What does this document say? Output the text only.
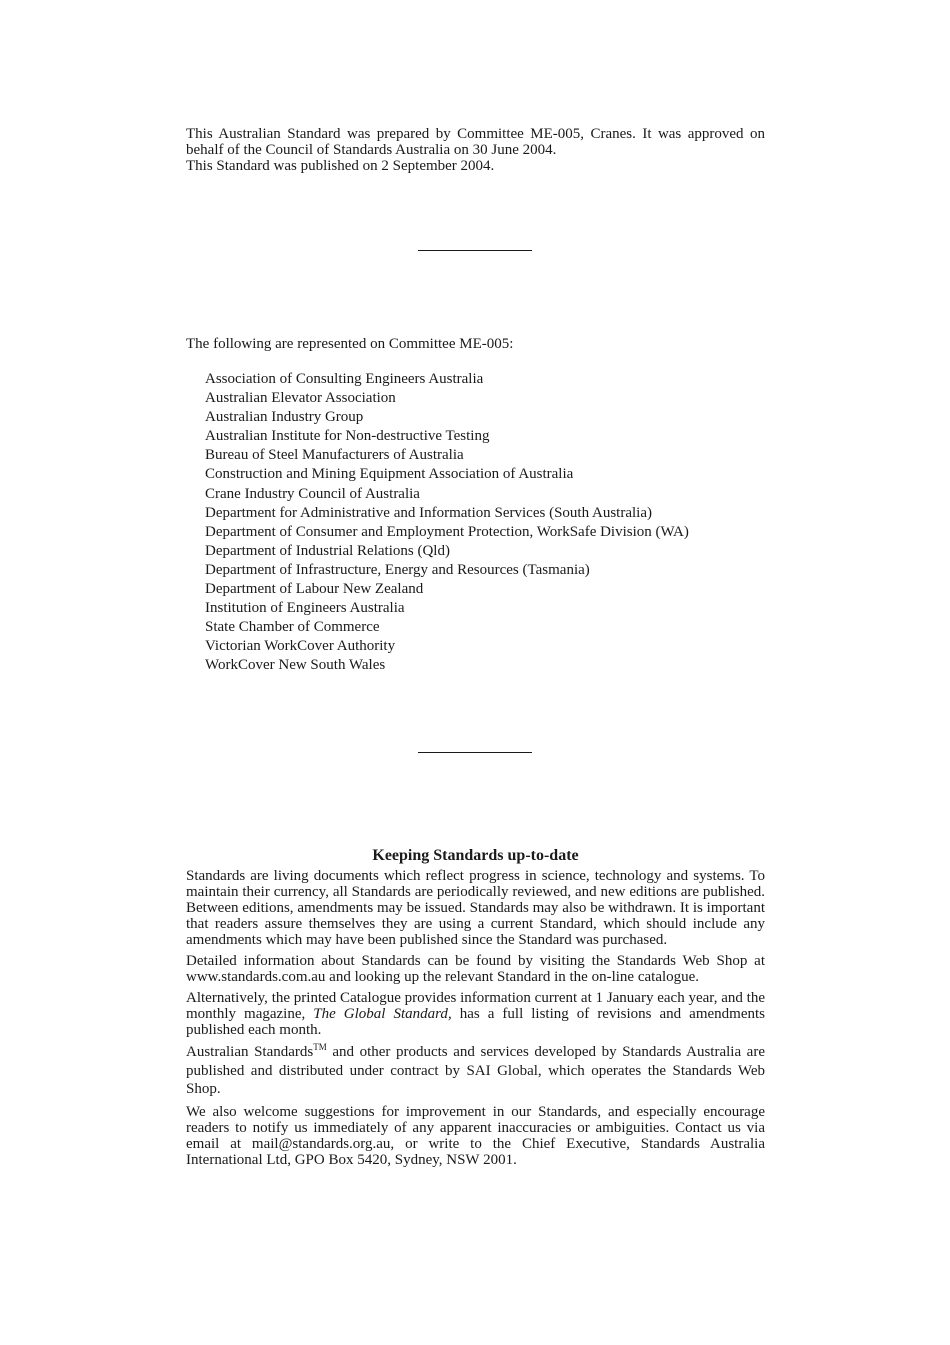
This Australian Standard was prepared by Committee ME-005, Cranes. It was approved on behalf of the Council of Standards Australia on 30 June 2004.

This Standard was published on 2 September 2004.

The following are represented on Committee ME-005:

Association of Consulting Engineers Australia
Australian Elevator Association
Australian Industry Group
Australian Institute for Non-destructive Testing
Bureau of Steel Manufacturers of Australia
Construction and Mining Equipment Association of Australia
Crane Industry Council of Australia
Department for Administrative and Information Services (South Australia)
Department of Consumer and Employment Protection, WorkSafe Division (WA)
Department of Industrial Relations (Qld)
Department of Infrastructure, Energy and Resources (Tasmania)
Department of Labour New Zealand
Institution of Engineers Australia
State Chamber of Commerce
Victorian WorkCover Authority
WorkCover New South Wales
Keeping Standards up-to-date

Standards are living documents which reflect progress in science, technology and systems. To maintain their currency, all Standards are periodically reviewed, and new editions are published. Between editions, amendments may be issued. Standards may also be withdrawn. It is important that readers assure themselves they are using a current Standard, which should include any amendments which may have been published since the Standard was purchased.

Detailed information about Standards can be found by visiting the Standards Web Shop at www.standards.com.au and looking up the relevant Standard in the on-line catalogue.

Alternatively, the printed Catalogue provides information current at 1 January each year, and the monthly magazine, The Global Standard, has a full listing of revisions and amendments published each month.

Australian Standards™ and other products and services developed by Standards Australia are published and distributed under contract by SAI Global, which operates the Standards Web Shop.

We also welcome suggestions for improvement in our Standards, and especially encourage readers to notify us immediately of any apparent inaccuracies or ambiguities. Contact us via email at mail@standards.org.au, or write to the Chief Executive, Standards Australia International Ltd, GPO Box 5420, Sydney, NSW 2001.
